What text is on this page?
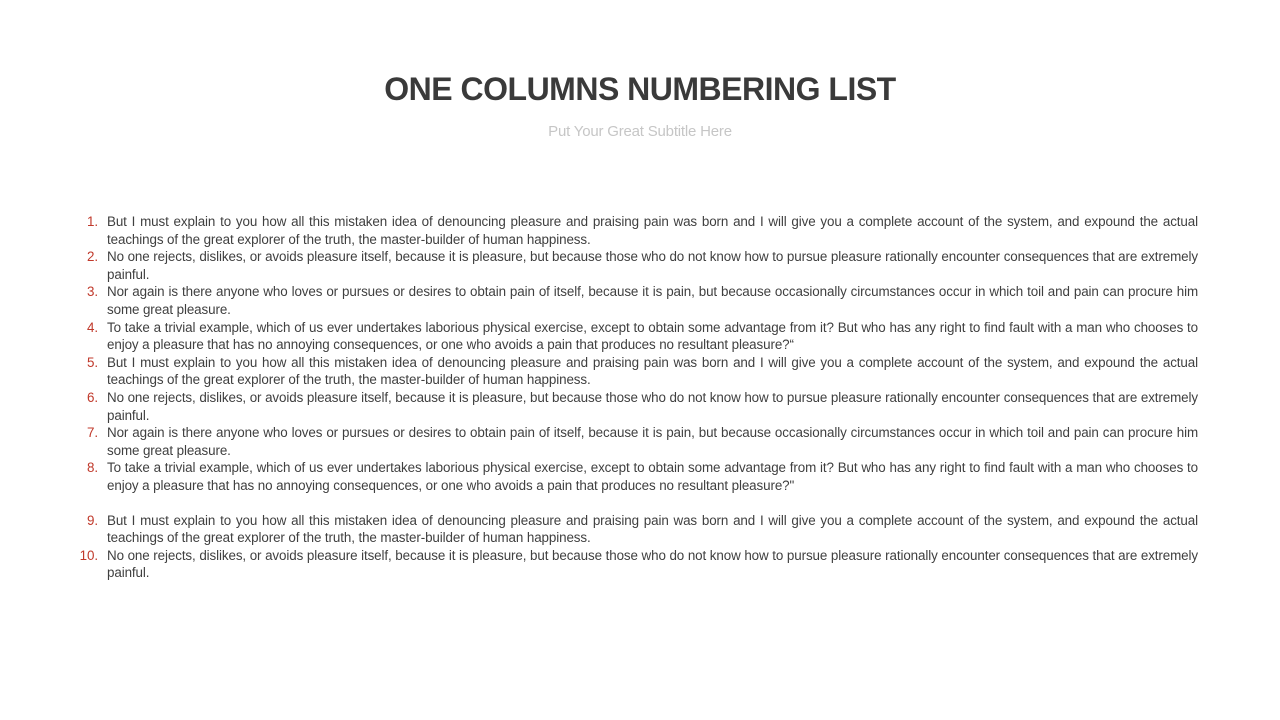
ONE COLUMNS NUMBERING LIST
Put Your Great Subtitle Here
1. But I must explain to you how all this mistaken idea of denouncing pleasure and praising pain was born and I will give you a complete account of the system, and expound the actual teachings of the great explorer of the truth, the master-builder of human happiness.
2. No one rejects, dislikes, or avoids pleasure itself, because it is pleasure, but because those who do not know how to pursue pleasure rationally encounter consequences that are extremely painful.
3. Nor again is there anyone who loves or pursues or desires to obtain pain of itself, because it is pain, but because occasionally circumstances occur in which toil and pain can procure him some great pleasure.
4. To take a trivial example, which of us ever undertakes laborious physical exercise, except to obtain some advantage from it? But who has any right to find fault with a man who chooses to enjoy a pleasure that has no annoying consequences, or one who avoids a pain that produces no resultant pleasure?“
5. But I must explain to you how all this mistaken idea of denouncing pleasure and praising pain was born and I will give you a complete account of the system, and expound the actual teachings of the great explorer of the truth, the master-builder of human happiness.
6. No one rejects, dislikes, or avoids pleasure itself, because it is pleasure, but because those who do not know how to pursue pleasure rationally encounter consequences that are extremely painful.
7. Nor again is there anyone who loves or pursues or desires to obtain pain of itself, because it is pain, but because occasionally circumstances occur in which toil and pain can procure him some great pleasure.
8. To take a trivial example, which of us ever undertakes laborious physical exercise, except to obtain some advantage from it? But who has any right to find fault with a man who chooses to enjoy a pleasure that has no annoying consequences, or one who avoids a pain that produces no resultant pleasure?"
9. But I must explain to you how all this mistaken idea of denouncing pleasure and praising pain was born and I will give you a complete account of the system, and expound the actual teachings of the great explorer of the truth, the master-builder of human happiness.
10. No one rejects, dislikes, or avoids pleasure itself, because it is pleasure, but because those who do not know how to pursue pleasure rationally encounter consequences that are extremely painful.
